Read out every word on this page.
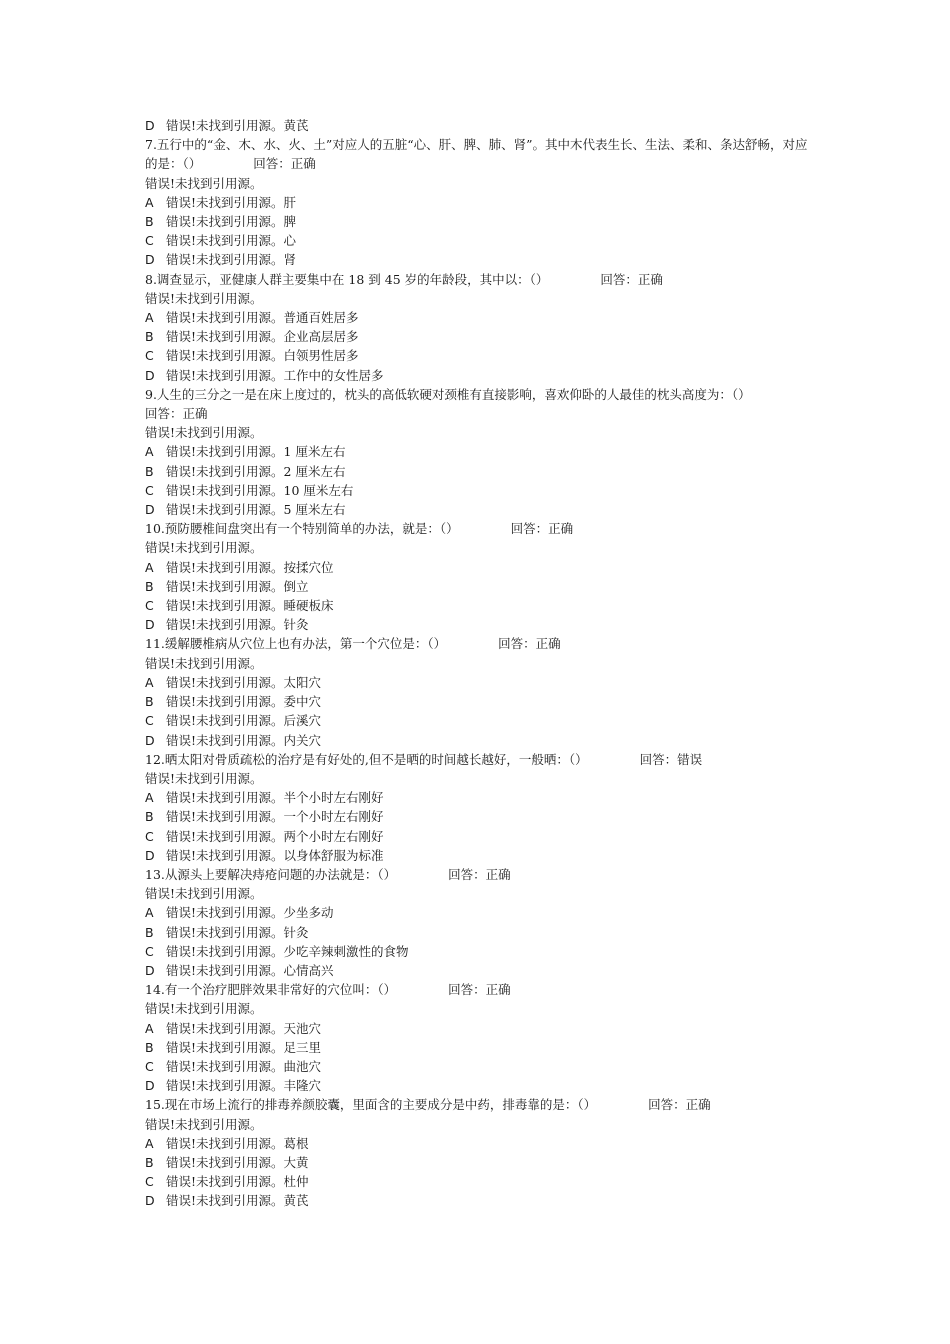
D 错误!未找到引用源。黄芪
7.五行中的“金、木、水、火、土”对应人的五脏“心、肝、脾、肺、肾”。其中木代表生长、生法、柔和、条达舒畅，对应的是：（）	回答：正确
错误!未找到引用源。
A 错误!未找到引用源。肝
B 错误!未找到引用源。脾
C 错误!未找到引用源。心
D 错误!未找到引用源。肾
8.调查显示，亚健康人群主要集中在 18 到 45 岁的年龄段，其中以：（）	回答：正确
错误!未找到引用源。
A 错误!未找到引用源。普通百姓居多
B 错误!未找到引用源。企业高层居多
C 错误!未找到引用源。白领男性居多
D 错误!未找到引用源。工作中的女性居多
9.人生的三分之一是在床上度过的，枕头的高低软硬对颈椎有直接影响，喜欢仰卧的人最佳的枕头高度为：（）回答：正确
错误!未找到引用源。
A 错误!未找到引用源。1 厘米左右
B 错误!未找到引用源。2 厘米左右
C 错误!未找到引用源。10 厘米左右
D 错误!未找到引用源。5 厘米左右
10.预防腰椎间盘突出有一个特别简单的办法，就是：（）	回答：正确
错误!未找到引用源。
A 错误!未找到引用源。按揉穴位
B 错误!未找到引用源。倒立
C 错误!未找到引用源。睡硬板床
D 错误!未找到引用源。针灸
11.缓解腰椎病从穴位上也有办法，第一个穴位是：（）	回答：正确
错误!未找到引用源。
A 错误!未找到引用源。太阳穴
B 错误!未找到引用源。委中穴
C 错误!未找到引用源。后溪穴
D 错误!未找到引用源。内关穴
12.晒太阳对骨质疏松的治疗是有好处的,但不是晒的时间越长越好，一般晒：（）	回答：错误
错误!未找到引用源。
A 错误!未找到引用源。半个小时左右刚好
B 错误!未找到引用源。一个小时左右刚好
C 错误!未找到引用源。两个小时左右刚好
D 错误!未找到引用源。以身体舒服为标准
13.从源头上要解决痔疮问题的办法就是：（）	回答：正确
错误!未找到引用源。
A 错误!未找到引用源。少坐多动
B 错误!未找到引用源。针灸
C 错误!未找到引用源。少吃辛辣刺激性的食物
D 错误!未找到引用源。心情高兴
14.有一个治疗肥胖效果非常好的穴位叫：（）	回答：正确
错误!未找到引用源。
A 错误!未找到引用源。天池穴
B 错误!未找到引用源。足三里
C 错误!未找到引用源。曲池穴
D 错误!未找到引用源。丰隆穴
15.现在市场上流行的排毒养颜胶囊，里面含的主要成分是中药，排毒靠的是：（）	回答：正确
错误!未找到引用源。
A 错误!未找到引用源。葛根
B 错误!未找到引用源。大黄
C 错误!未找到引用源。杜仲
D 错误!未找到引用源。黄芪
